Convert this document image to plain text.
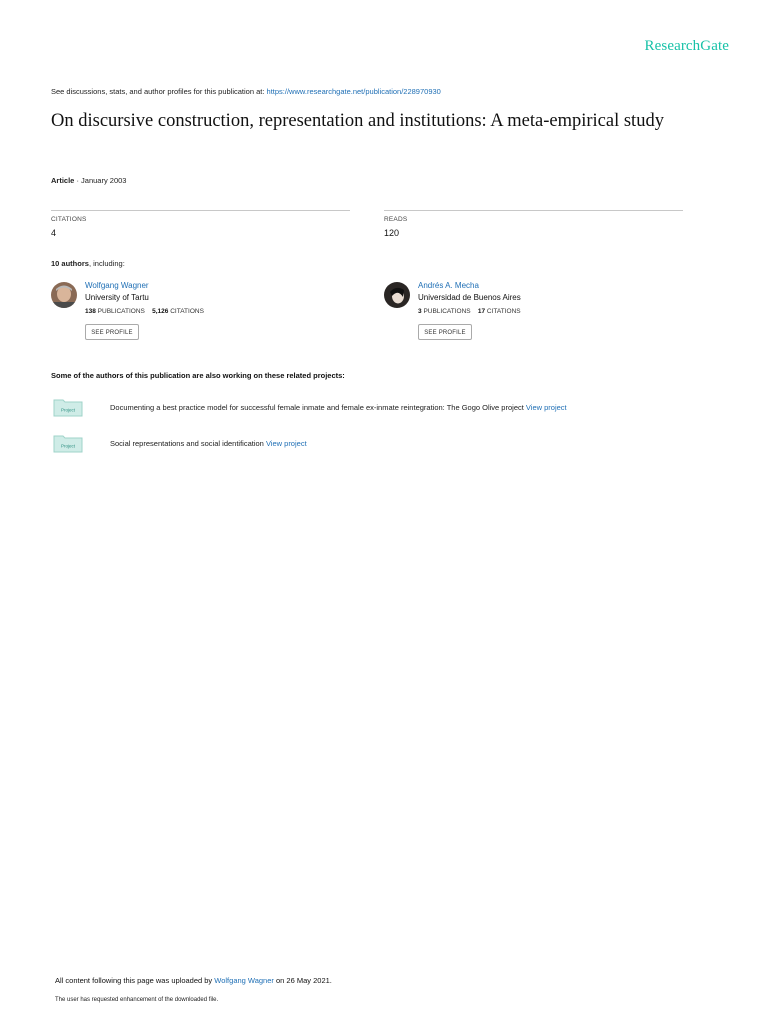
ResearchGate
See discussions, stats, and author profiles for this publication at: https://www.researchgate.net/publication/228970930
On discursive construction, representation and institutions: A meta-empirical study
Article · January 2003
CITATIONS
4
READS
120
10 authors, including:
Wolfgang Wagner
University of Tartu
138 PUBLICATIONS 5,126 CITATIONS
SEE PROFILE
Andrés A. Mecha
Universidad de Buenos Aires
3 PUBLICATIONS 17 CITATIONS
SEE PROFILE
Some of the authors of this publication are also working on these related projects:
Project	Documenting a best practice model for successful female inmate and female ex-inmate reintegration: The Gogo Olive project View project
Project	Social representations and social identification View project
All content following this page was uploaded by Wolfgang Wagner on 26 May 2021.
The user has requested enhancement of the downloaded file.
